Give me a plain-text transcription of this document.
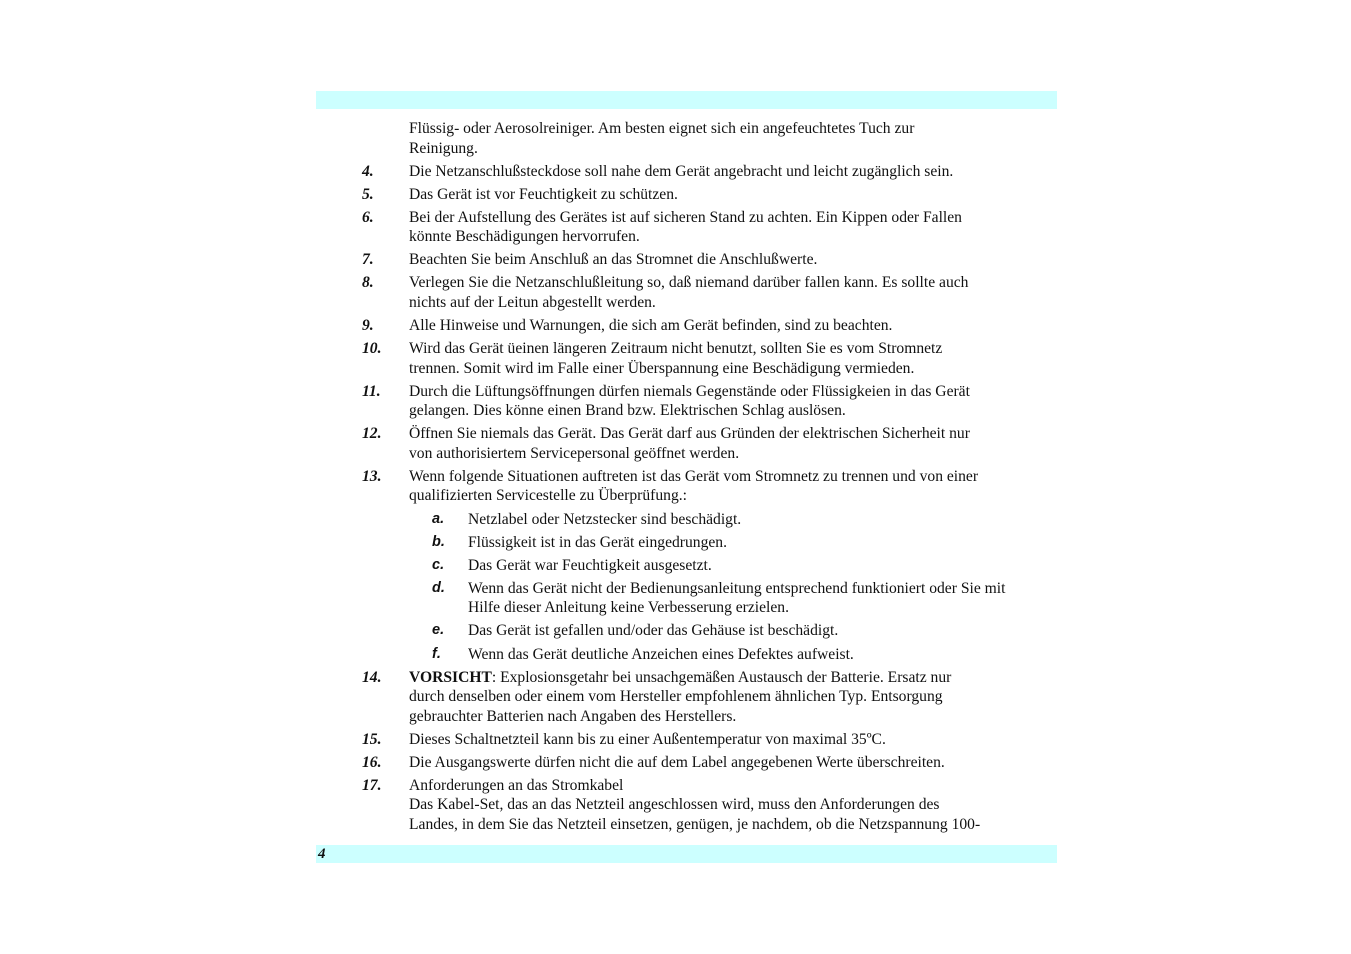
Flüssig- oder Aerosolreiniger. Am besten eignet sich ein angefeuchtetes Tuch zur
Reinigung.
4. Die Netzanschlußsteckdose soll nahe dem Gerät angebracht und leicht zugänglich sein.
5. Das Gerät ist vor Feuchtigkeit zu schützen.
6. Bei der Aufstellung des Gerätes ist auf sicheren Stand zu achten. Ein Kippen oder Fallen
könnte Beschädigungen hervorrufen.
7. Beachten Sie beim Anschluß an das Stromnet die Anschlußwerte.
8. Verlegen Sie die Netzanschlußleitung so, daß niemand darüber fallen kann. Es sollte auch
nichts auf der Leitun abgestellt werden.
9. Alle Hinweise und Warnungen, die sich am Gerät befinden, sind zu beachten.
10. Wird das Gerät üeinen längeren Zeitraum nicht benutzt, sollten Sie es vom Stromnetz
trennen. Somit wird im Falle einer Überspannung eine Beschädigung vermieden.
11. Durch die Lüftungsöffnungen dürfen niemals Gegenstände oder Flüssigkeien in das Gerät
gelangen. Dies könne einen Brand bzw. Elektrischen Schlag auslösen.
12. Öffnen Sie niemals das Gerät. Das Gerät darf aus Gründen der elektrischen Sicherheit nur
von authorisiertem Servicepersonal geöffnet werden.
13. Wenn folgende Situationen auftreten ist das Gerät vom Stromnetz zu trennen und von einer
qualifizierten Servicestelle zu Überprüfung.:
a. Netzlabel oder Netzstecker sind beschädigt.
b. Flüssigkeit ist in das Gerät eingedrungen.
c. Das Gerät war Feuchtigkeit ausgesetzt.
d. Wenn das Gerät nicht der Bedienungsanleitung entsprechend funktioniert oder Sie mit
Hilfe dieser Anleitung keine Verbesserung erzielen.
e. Das Gerät ist gefallen und/oder das Gehäuse ist beschädigt.
f. Wenn das Gerät deutliche Anzeichen eines Defektes aufweist.
14. VORSICHT: Explosionsgetahr bei unsachgemäßen Austausch der Batterie. Ersatz nur
durch denselben oder einem vom Hersteller empfohlenem ähnlichen Typ. Entsorgung
gebrauchter Batterien nach Angaben des Herstellers.
15. Dieses Schaltnetzteil kann bis zu einer Außentemperatur von maximal 35ºC.
16. Die Ausgangswerte dürfen nicht die auf dem Label angegebenen Werte überschreiten.
17. Anforderungen an das Stromkabel
Das Kabel-Set, das an das Netzteil angeschlossen wird, muss den Anforderungen des
Landes, in dem Sie das Netzteil einsetzen, genügen, je nachdem, ob die Netzspannung 100-
4
